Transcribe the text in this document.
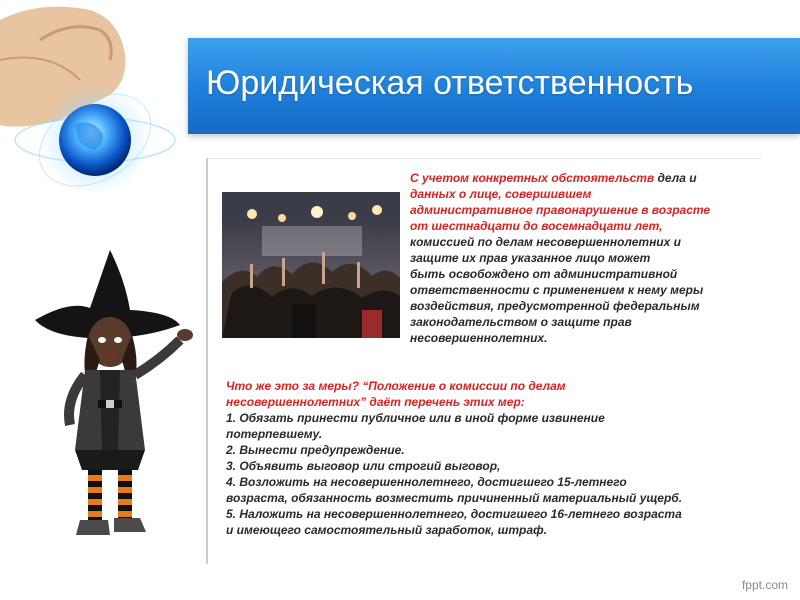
Юридическая ответственность
С учетом конкретных обстоятельств дела и
данных о лице, совершившем
административное правонарушение в возрасте
от шестнадцати до восемнадцати лет,
комиссией по делам несовершеннолетних и
защите их прав указанное лицо может
быть освобождено от административной
ответственности с применением к нему меры
воздействия, предусмотренной федеральным
законодательством о защите прав
несовершеннолетних.
Что же это за меры? “Положение о комиссии по делам
несовершеннолетних” даёт перечень этих мер:
1. Обязать принести публичное или в иной форме извинение
потерпевшему.
2. Вынести предупреждение.
3. Объявить выговор или строгий выговор,
4. Возложить на несовершеннолетнего, достигшего 15-летнего
возраста, обязанность возместить причиненный материальный ущерб.
5. Наложить на несовершеннолетнего, достигшего 16-летнего возраста
и имеющего самостоятельный заработок, штраф.
fppt.com
